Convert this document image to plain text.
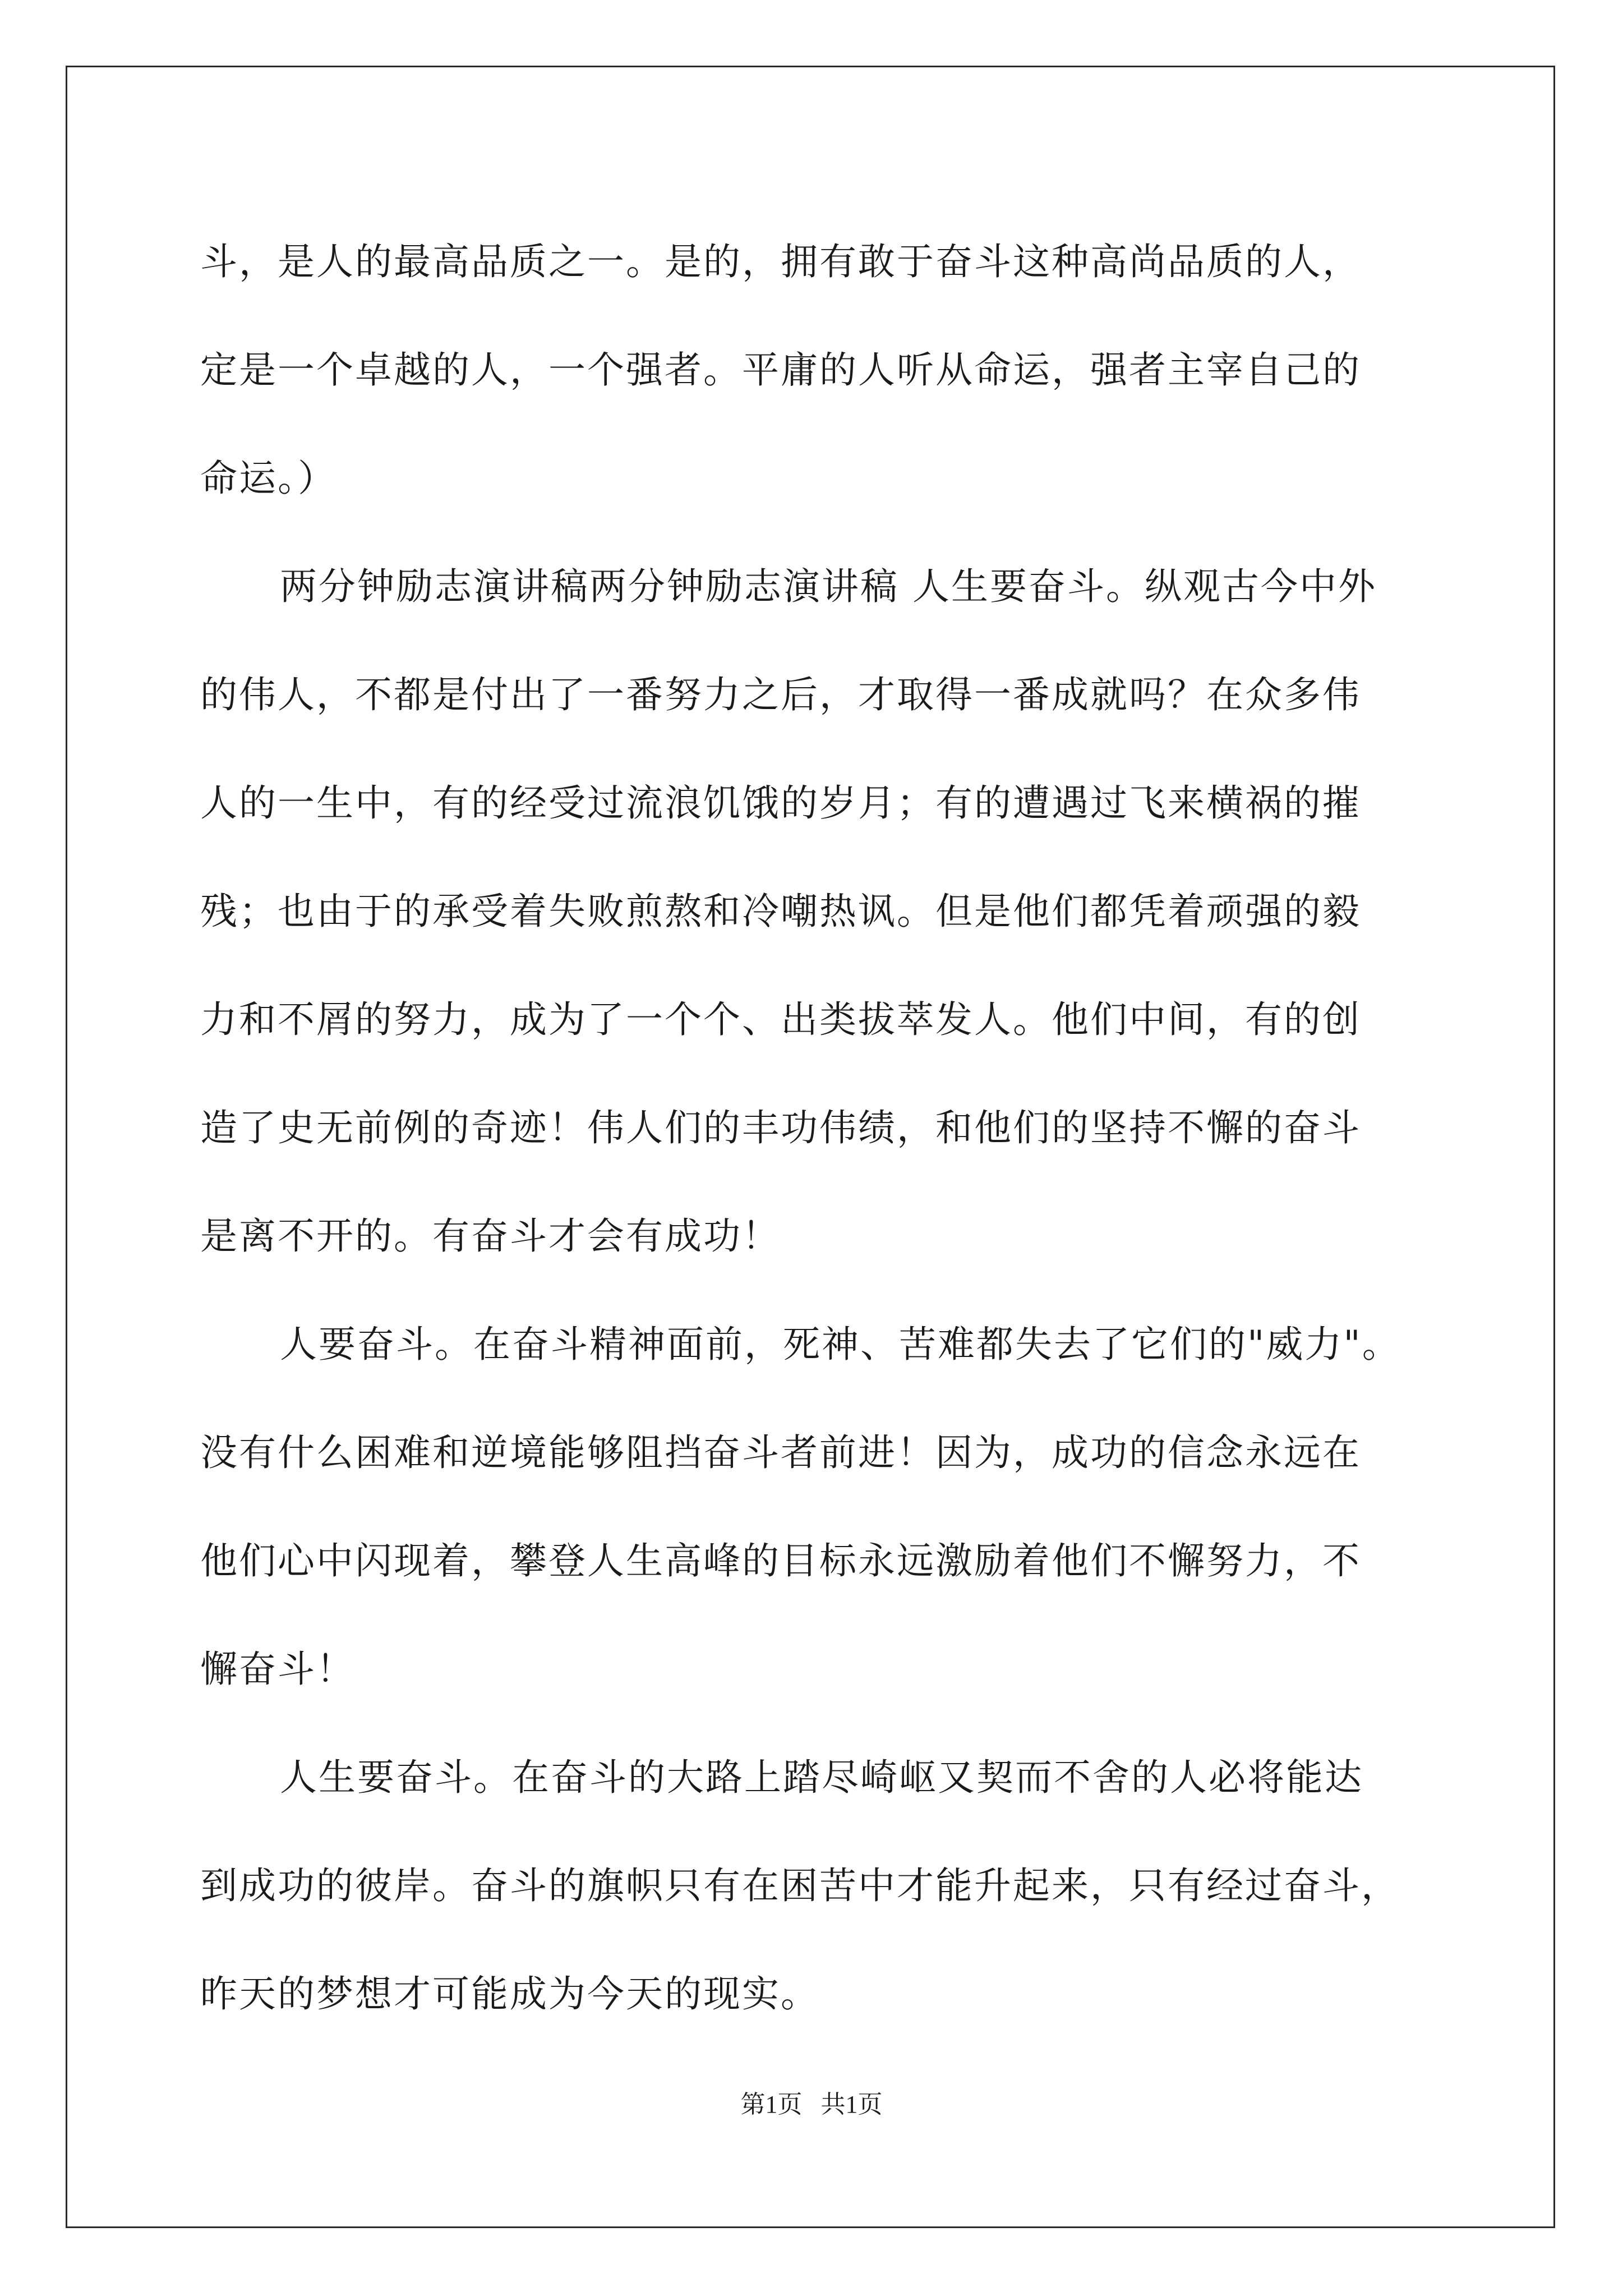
斗，是人的最高品质之一。是的，拥有敢于奋斗这种高尚品质的人，
定是一个卓越的人，一个强者。平庸的人听从命运，强者主宰自己的
命运。）
两分钟励志演讲稿两分钟励志演讲稿 人生要奋斗。纵观古今中外
的伟人，不都是付出了一番努力之后，才取得一番成就吗？在众多伟
人的一生中，有的经受过流浪饥饿的岁月；有的遭遇过飞来横祸的摧
残；也由于的承受着失败煎熬和冷嘲热讽。但是他们都凭着顽强的毅
力和不屑的努力，成为了一个个、出类拔萃发人。他们中间，有的创
造了史无前例的奇迹！伟人们的丰功伟绩，和他们的坚持不懈的奋斗
是离不开的。有奋斗才会有成功！
人要奋斗。在奋斗精神面前，死神、苦难都失去了它们的"威力"。
没有什么困难和逆境能够阻挡奋斗者前进！因为，成功的信念永远在
他们心中闪现着，攀登人生高峰的目标永远激励着他们不懈努力，不
懈奋斗！
人生要奋斗。在奋斗的大路上踏尽崎岖又契而不舍的人必将能达
到成功的彼岸。奋斗的旗帜只有在困苦中才能升起来，只有经过奋斗，
昨天的梦想才可能成为今天的现实。
第1页   共1页
